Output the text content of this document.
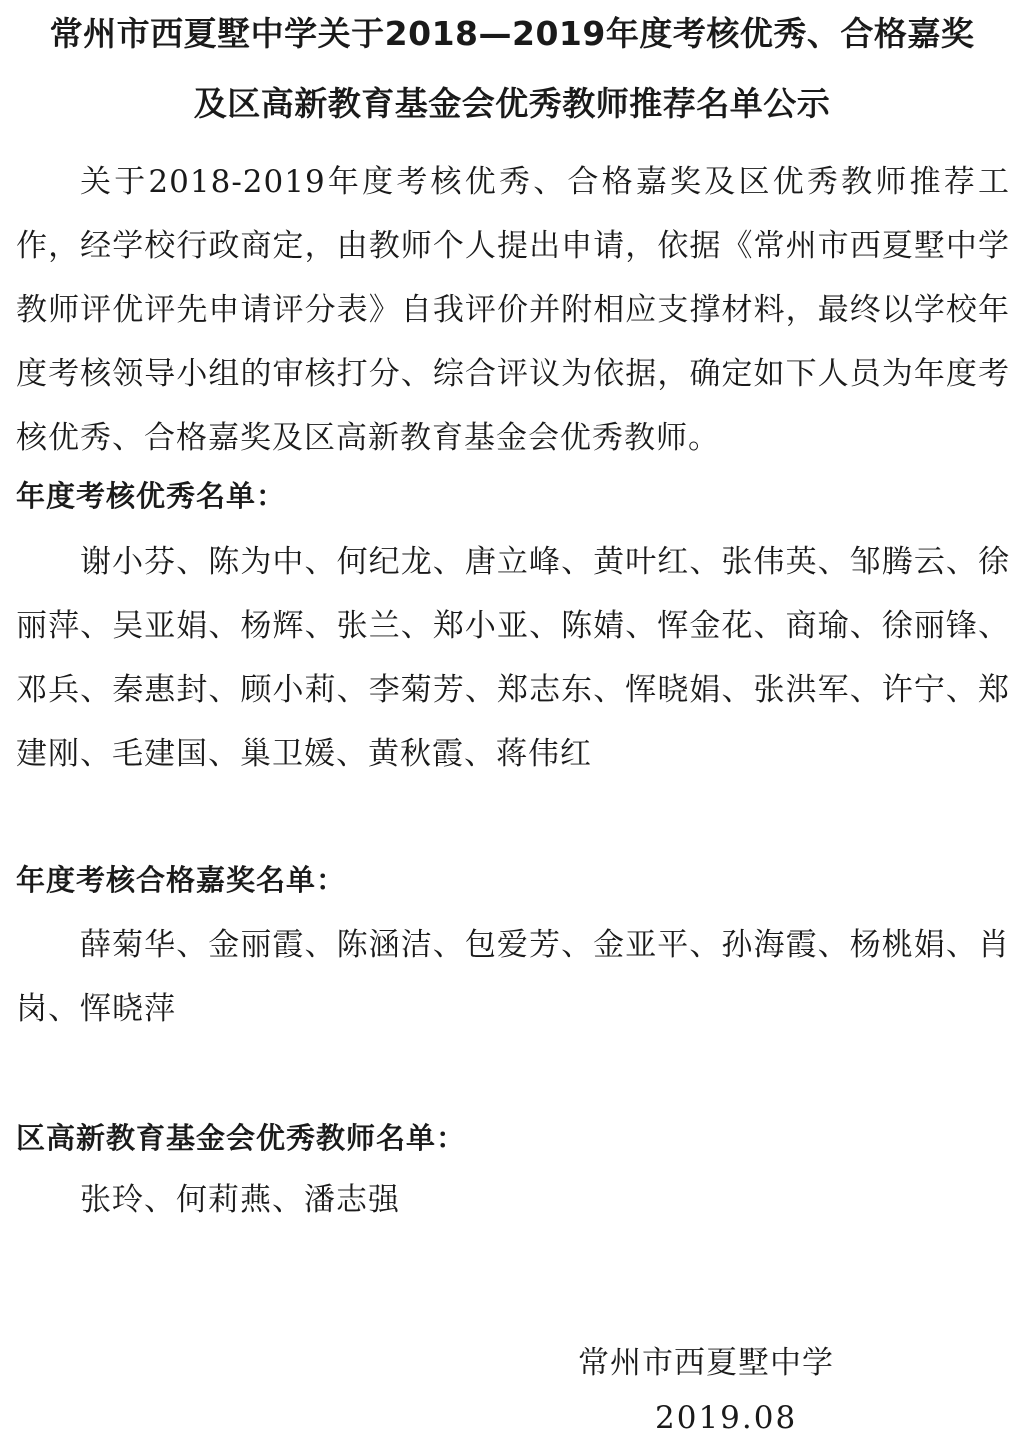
常州市西夏墅中学关于2018—2019年度考核优秀、合格嘉奖
及区高新教育基金会优秀教师推荐名单公示

关于2018-2019年度考核优秀、合格嘉奖及区优秀教师推荐工作，经学校行政商定，由教师个人提出申请，依据《常州市西夏墅中学教师评优评先申请评分表》自我评价并附相应支撑材料，最终以学校年度考核领导小组的审核打分、综合评议为依据，确定如下人员为年度考核优秀、合格嘉奖及区高新教育基金会优秀教师。

年度考核优秀名单：

谢小芬、陈为中、何纪龙、唐立峰、黄叶红、张伟英、邹腾云、徐丽萍、吴亚娟、杨辉、张兰、郑小亚、陈婧、恽金花、商瑜、徐丽锋、邓兵、秦惠封、顾小莉、李菊芳、郑志东、恽晓娟、张洪军、许宁、郑建刚、毛建国、巢卫媛、黄秋霞、蒋伟红

年度考核合格嘉奖名单：

薛菊华、金丽霞、陈涵洁、包爱芳、金亚平、孙海霞、杨桃娟、肖岗、恽晓萍

区高新教育基金会优秀教师名单：

张玲、何莉燕、潘志强

常州市西夏墅中学

2019.08
